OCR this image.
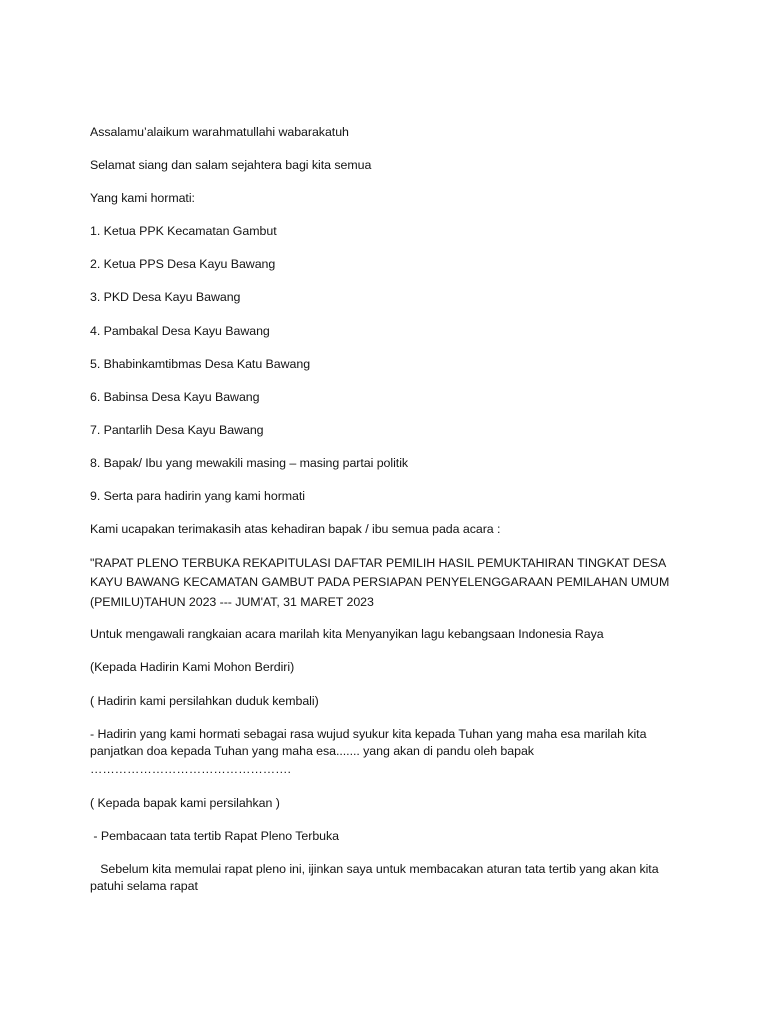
Assalamu’alaikum warahmatullahi wabarakatuh

Selamat siang dan salam sejahtera bagi kita semua

Yang kami hormati:

1. Ketua PPK Kecamatan Gambut

2. Ketua PPS Desa Kayu Bawang

3. PKD Desa Kayu Bawang

4. Pambakal Desa Kayu Bawang

5. Bhabinkamtibmas Desa Katu Bawang

6. Babinsa Desa Kayu Bawang

7. Pantarlih Desa Kayu Bawang

8. Bapak/ Ibu yang mewakili masing – masing partai politik

9. Serta para hadirin yang kami hormati

Kami ucapakan terimakasih atas kehadiran bapak / ibu semua pada acara :

"RAPAT PLENO TERBUKA REKAPITULASI DAFTAR PEMILIH HASIL PEMUKTAHIRAN TINGKAT DESA KAYU BAWANG KECAMATAN GAMBUT PADA PERSIAPAN PENYELENGGARAAN PEMILAHAN UMUM (PEMILU)TAHUN 2023 --- JUM'AT, 31 MARET 2023

Untuk mengawali rangkaian acara marilah kita Menyanyikan lagu kebangsaan Indonesia Raya

(Kepada Hadirin Kami Mohon Berdiri)

( Hadirin kami persilahkan duduk kembali)

- Hadirin yang kami hormati sebagai rasa wujud syukur kita kepada Tuhan yang maha esa marilah kita panjatkan doa kepada Tuhan yang maha esa....... yang akan di pandu oleh bapak ………………………………………….

( Kepada bapak kami persilahkan )

- Pembacaan tata tertib Rapat Pleno Terbuka

Sebelum kita memulai rapat pleno ini, ijinkan saya untuk membacakan aturan tata tertib yang akan kita patuhi selama rapat
